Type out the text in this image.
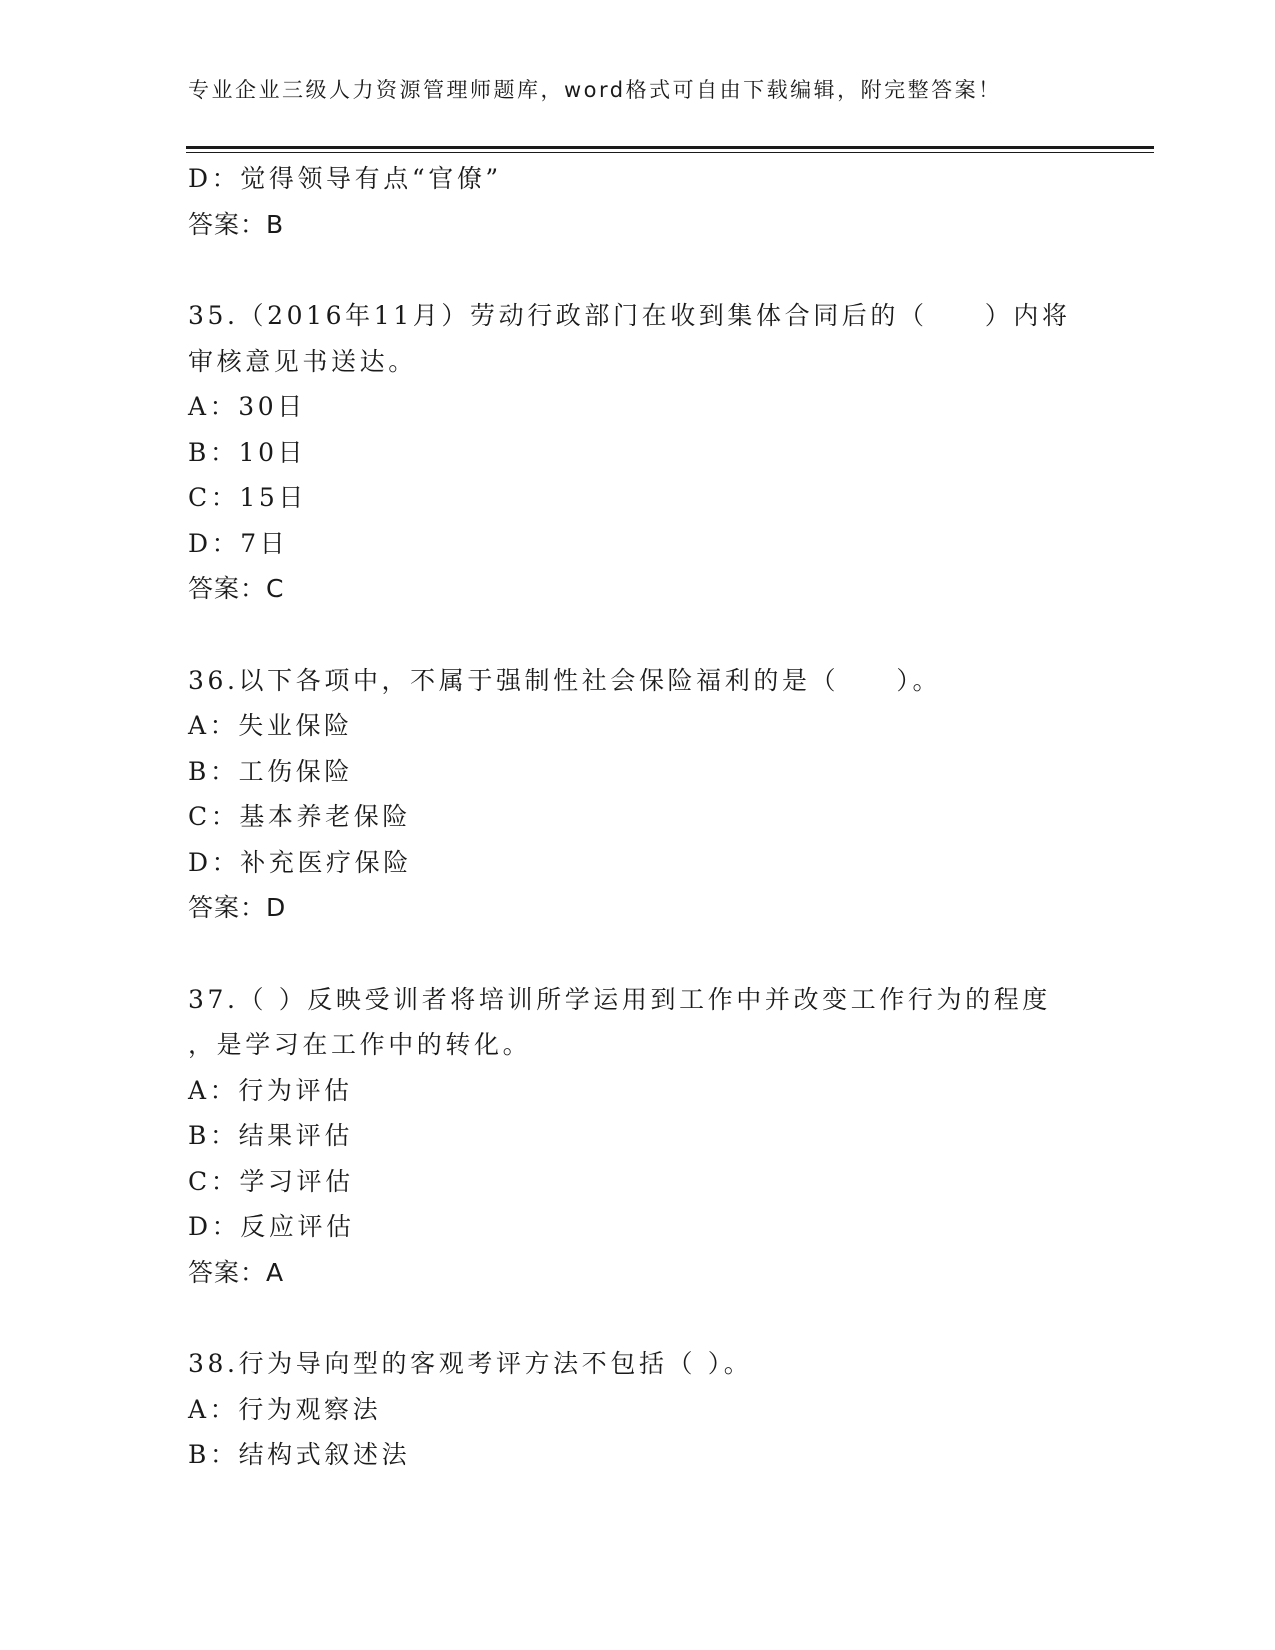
专业企业三级人力资源管理师题库，word格式可自由下载编辑，附完整答案！
D：觉得领导有点“官僚”
答案：B
35.（2016年11月）劳动行政部门在收到集体合同后的（　　）内将
审核意见书送达。
A：30日
B：10日
C：15日
D：7日
答案：C
36.以下各项中，不属于强制性社会保险福利的是（　　）。
A：失业保险
B：工伤保险
C：基本养老保险
D：补充医疗保险
答案：D
37.（ ）反映受训者将培训所学运用到工作中并改变工作行为的程度
，是学习在工作中的转化。
A：行为评估
B：结果评估
C：学习评估
D：反应评估
答案：A
38.行为导向型的客观考评方法不包括（ ）。
A：行为观察法
B：结构式叙述法
